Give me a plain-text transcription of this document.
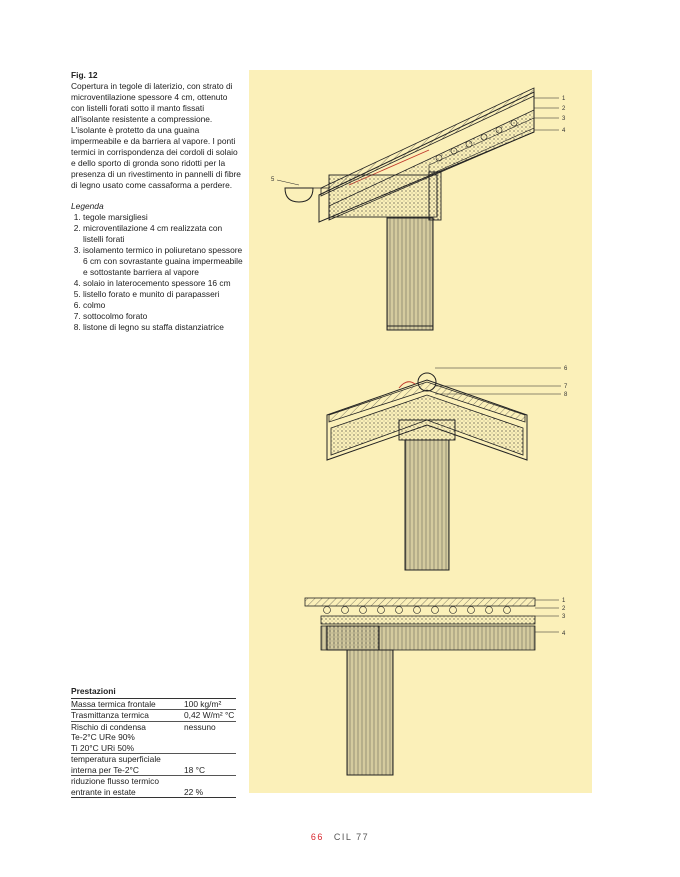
Fig. 12
Copertura in tegole di laterizio, con strato di microventilazione spessore 4 cm, ottenuto con listelli forati sotto il manto fissati all'isolante resistente a compressione. L'isolante è protetto da una guaina impermeabile e da barriera al vapore. I ponti termici in corrispondenza dei cordoli di solaio e dello sporto di gronda sono ridotti per la presenza di un rivestimento in pannelli di fibre di legno usato come cassaforma a perdere.
Legenda
1. tegole marsigliesi
2. microventilazione 4 cm realizzata con listelli forati
3. isolamento termico in poliuretano spessore 6 cm con sovrastante guaina impermeabile e sottostante barriera al vapore
4. solaio in laterocemento spessore 16 cm
5. listello forato e munito di parapasseri
6. colmo
7. sottocolmo forato
8. listone di legno su staffa distanziatrice
1
2
3
4
5
6
7
8
1
2
3
4
Prestazioni
Massa termica frontale	100 kg/m²
Trasmittanza termica	0,42 W/m² °C
Rischio di condensa	nessuno
Te-2°C URe 90%
Ti 20°C URi 50%
temperatura superficiale
interna per Te-2°C	18 °C
riduzione flusso termico
entrante in estate	22 %
66 CIL 77
